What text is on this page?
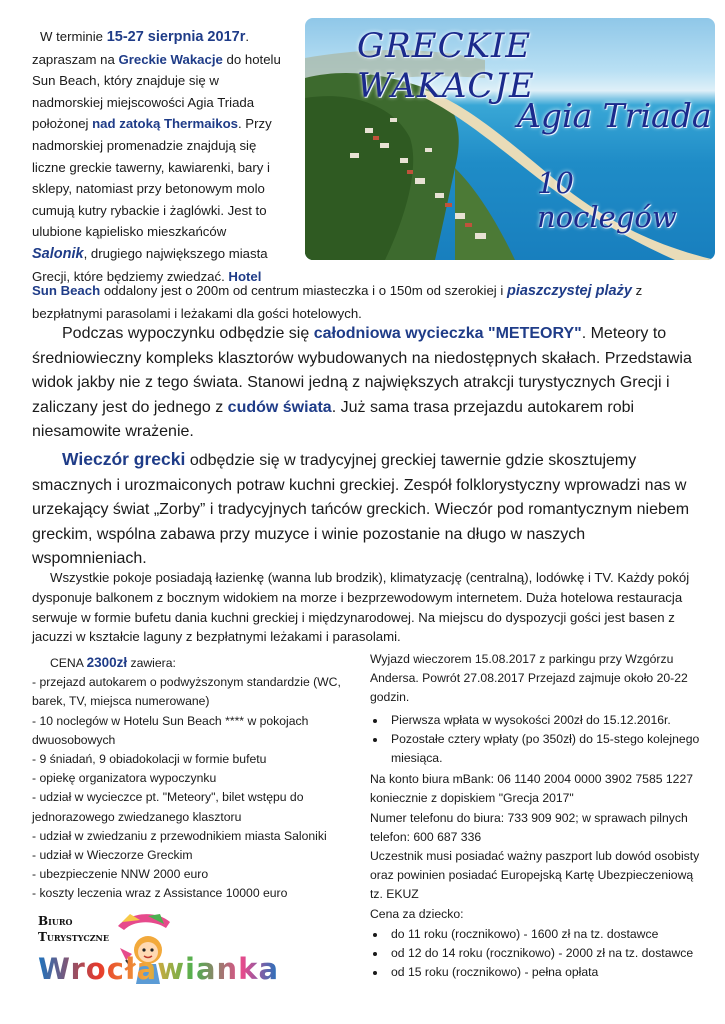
GRECKIE WAKACJE
Agia Triada
10 noclegów
W terminie 15-27 sierpnia 2017r. zapraszam na Greckie Wakacje do hotelu Sun Beach, który znajduje się w nadmorskiej miejscowości Agia Triada położonej nad zatoką Thermaikos. Przy nadmorskiej promenadzie znajdują się liczne greckie tawerny, kawiarenki, bary i sklepy, natomiast przy betonowym molo cumują kutry rybackie i żaglówki. Jest to ulubione kąpielisko mieszkańców Salonik, drugiego największego miasta Grecji, które będziemy zwiedzać. Hotel
Sun Beach oddalony jest o 200m od centrum miasteczka i o 150m od szerokiej i piaszczystej plaży z bezpłatnymi parasolami i leżakami dla gości hotelowych.
Podczas wypoczynku odbędzie się całodniowa wycieczka "METEORY". Meteory to średniowieczny kompleks klasztorów wybudowanych na niedostępnych skałach. Przedstawia widok jakby nie z tego świata. Stanowi jedną z największych atrakcji turystycznych Grecji i zaliczany jest do jednego z cudów świata. Już sama trasa przejazdu autokarem robi niesamowite wrażenie.
Wieczór grecki odbędzie się w tradycyjnej greckiej tawernie gdzie skosztujemy smacznych i urozmaiconych potraw kuchni greckiej. Zespół folklorystyczny wprowadzi nas w urzekający świat „Zorby” i tradycyjnych tańców greckich. Wieczór pod romantycznym niebem greckim, wspólna zabawa przy muzyce i winie pozostanie na długo w naszych wspomnieniach.
Wszystkie pokoje posiadają łazienkę (wanna lub brodzik), klimatyzację (centralną), lodówkę i TV. Każdy pokój dysponuje balkonem z bocznym widokiem na morze i bezprzewodowym internetem. Duża hotelowa restauracja serwuje w formie bufetu dania kuchni greckiej i międzynarodowej. Na miejscu do dyspozycji gości jest basen z jacuzzi w kształcie laguny z bezpłatnymi leżakami i parasolami.
CENA 2300zł zawiera:
- przejazd autokarem o podwyższonym standardzie (WC, barek, TV, miejsca numerowane)
- 10 noclegów w Hotelu Sun Beach **** w pokojach dwuosobowych
- 9 śniadań, 9 obiadokolacji w formie bufetu
- opiekę organizatora wypoczynku
- udział w wycieczce pt. "Meteory", bilet wstępu do jednorazowego zwiedzanego klasztoru
- udział w zwiedzaniu z przewodnikiem miasta Saloniki
- udział w Wieczorze Greckim
- ubezpieczenie NNW 2000 euro
- koszty leczenia wraz z Assistance 10000 euro
Wyjazd wieczorem 15.08.2017 z parkingu przy Wzgórzu Andersa. Powrót 27.08.2017 Przejazd zajmuje około 20-22 godzin.
• Pierwsza wpłata w wysokości 200zł do 15.12.2016r.
• Pozostałe cztery wpłaty (po 350zł) do 15-stego kolejnego miesiąca.
Na konto biura mBank: 06 1140 2004 0000 3902 7585 1227 koniecznie z dopiskiem "Grecja 2017"
Numer telefonu do biura: 733 909 902; w sprawach pilnych telefon: 600 687 336
Uczestnik musi posiadać ważny paszport lub dowód osobisty oraz powinien posiadać Europejską Kartę Ubezpieczeniową tz. EKUZ
Cena za dziecko:
• do 11 roku (rocznikowo) - 1600 zł na tz. dostawce
• od 12 do 14 roku (rocznikowo) - 2000 zł na tz. dostawce
• od 15 roku (rocznikowo) - pełna opłata
Biuro
Turystyczne
Wrocławianka
